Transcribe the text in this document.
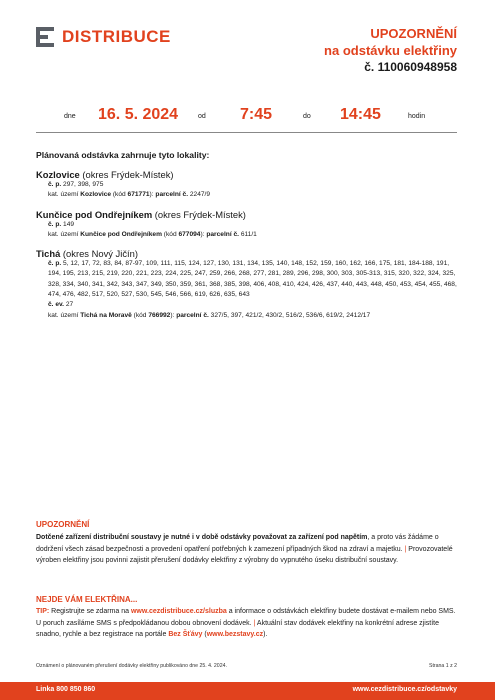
DISTRIBUCE	UPOZORNĚNÍ
na odstávku elektřiny
č. 110060948958
dne 16. 5. 2024	od 7:45	do 14:45	hodin
Plánovaná odstávka zahrnuje tyto lokality:
Kozlovice (okres Frýdek-Místek)
č. p. 297, 398, 975
kat. území Kozlovice (kód 671771): parcelní č. 2247/9
Kunčice pod Ondřejníkem (okres Frýdek-Místek)
č. p. 149
kat. území Kunčice pod Ondřejníkem (kód 677094): parcelní č. 611/1
Tichá (okres Nový Jičín)
č. p. 5, 12, 17, 72, 83, 84, 87-97, 109, 111, 115, 124, 127, 130, 131, 134, 135, 140, 148, 152, 159, 160, 162, 166, 175, 181, 184-188, 191, 194, 195, 213, 215, 219, 220, 221, 223, 224, 225, 247, 259, 266, 268, 277, 281, 289, 296, 298, 300, 303, 305-313, 315, 320, 322, 324, 325, 328, 334, 340, 341, 342, 343, 347, 349, 350, 359, 361, 368, 385, 398, 406, 408, 410, 424, 426, 437, 440, 443, 448, 450, 453, 454, 455, 468, 474, 476, 482, 517, 520, 527, 530, 545, 546, 566, 619, 626, 635, 643
č. ev. 27
kat. území Tichá na Moravě (kód 766992): parcelní č. 327/5, 397, 421/2, 430/2, 516/2, 536/6, 619/2, 2412/17
UPOZORNĚNÍ
Dotčené zařízení distribuční soustavy je nutné i v době odstávky považovat za zařízení pod napětím, a proto vás žádáme o dodržení všech zásad bezpečnosti a provedení opatření potřebných k zamezení případných škod na zdraví a majetku. | Provozovatelé výroben elektřiny jsou povinni zajistit přerušení dodávky elektřiny z výrobny do vypnutého úseku distribuční soustavy.
NEJDE VÁM ELEKTŘINA...
TIP: Registrujte se zdarma na www.cezdistribuce.cz/sluzba a informace o odstávkách elektřiny budete dostávat e-mailem nebo SMS. U poruch zasíláme SMS s předpokládanou dobou obnovení dodávek. | Aktuální stav dodávek elektřiny na konkrétní adrese zjistíte snadno, rychle a bez registrace na portále Bez Šťávy (www.bezstavy.cz).
Oznámení o plánovaném přerušení dodávky elektřiny publikováno dne 25. 4. 2024.	Strana 1 z 2
Linka 800 850 860	www.cezdistribuce.cz/odstavky
